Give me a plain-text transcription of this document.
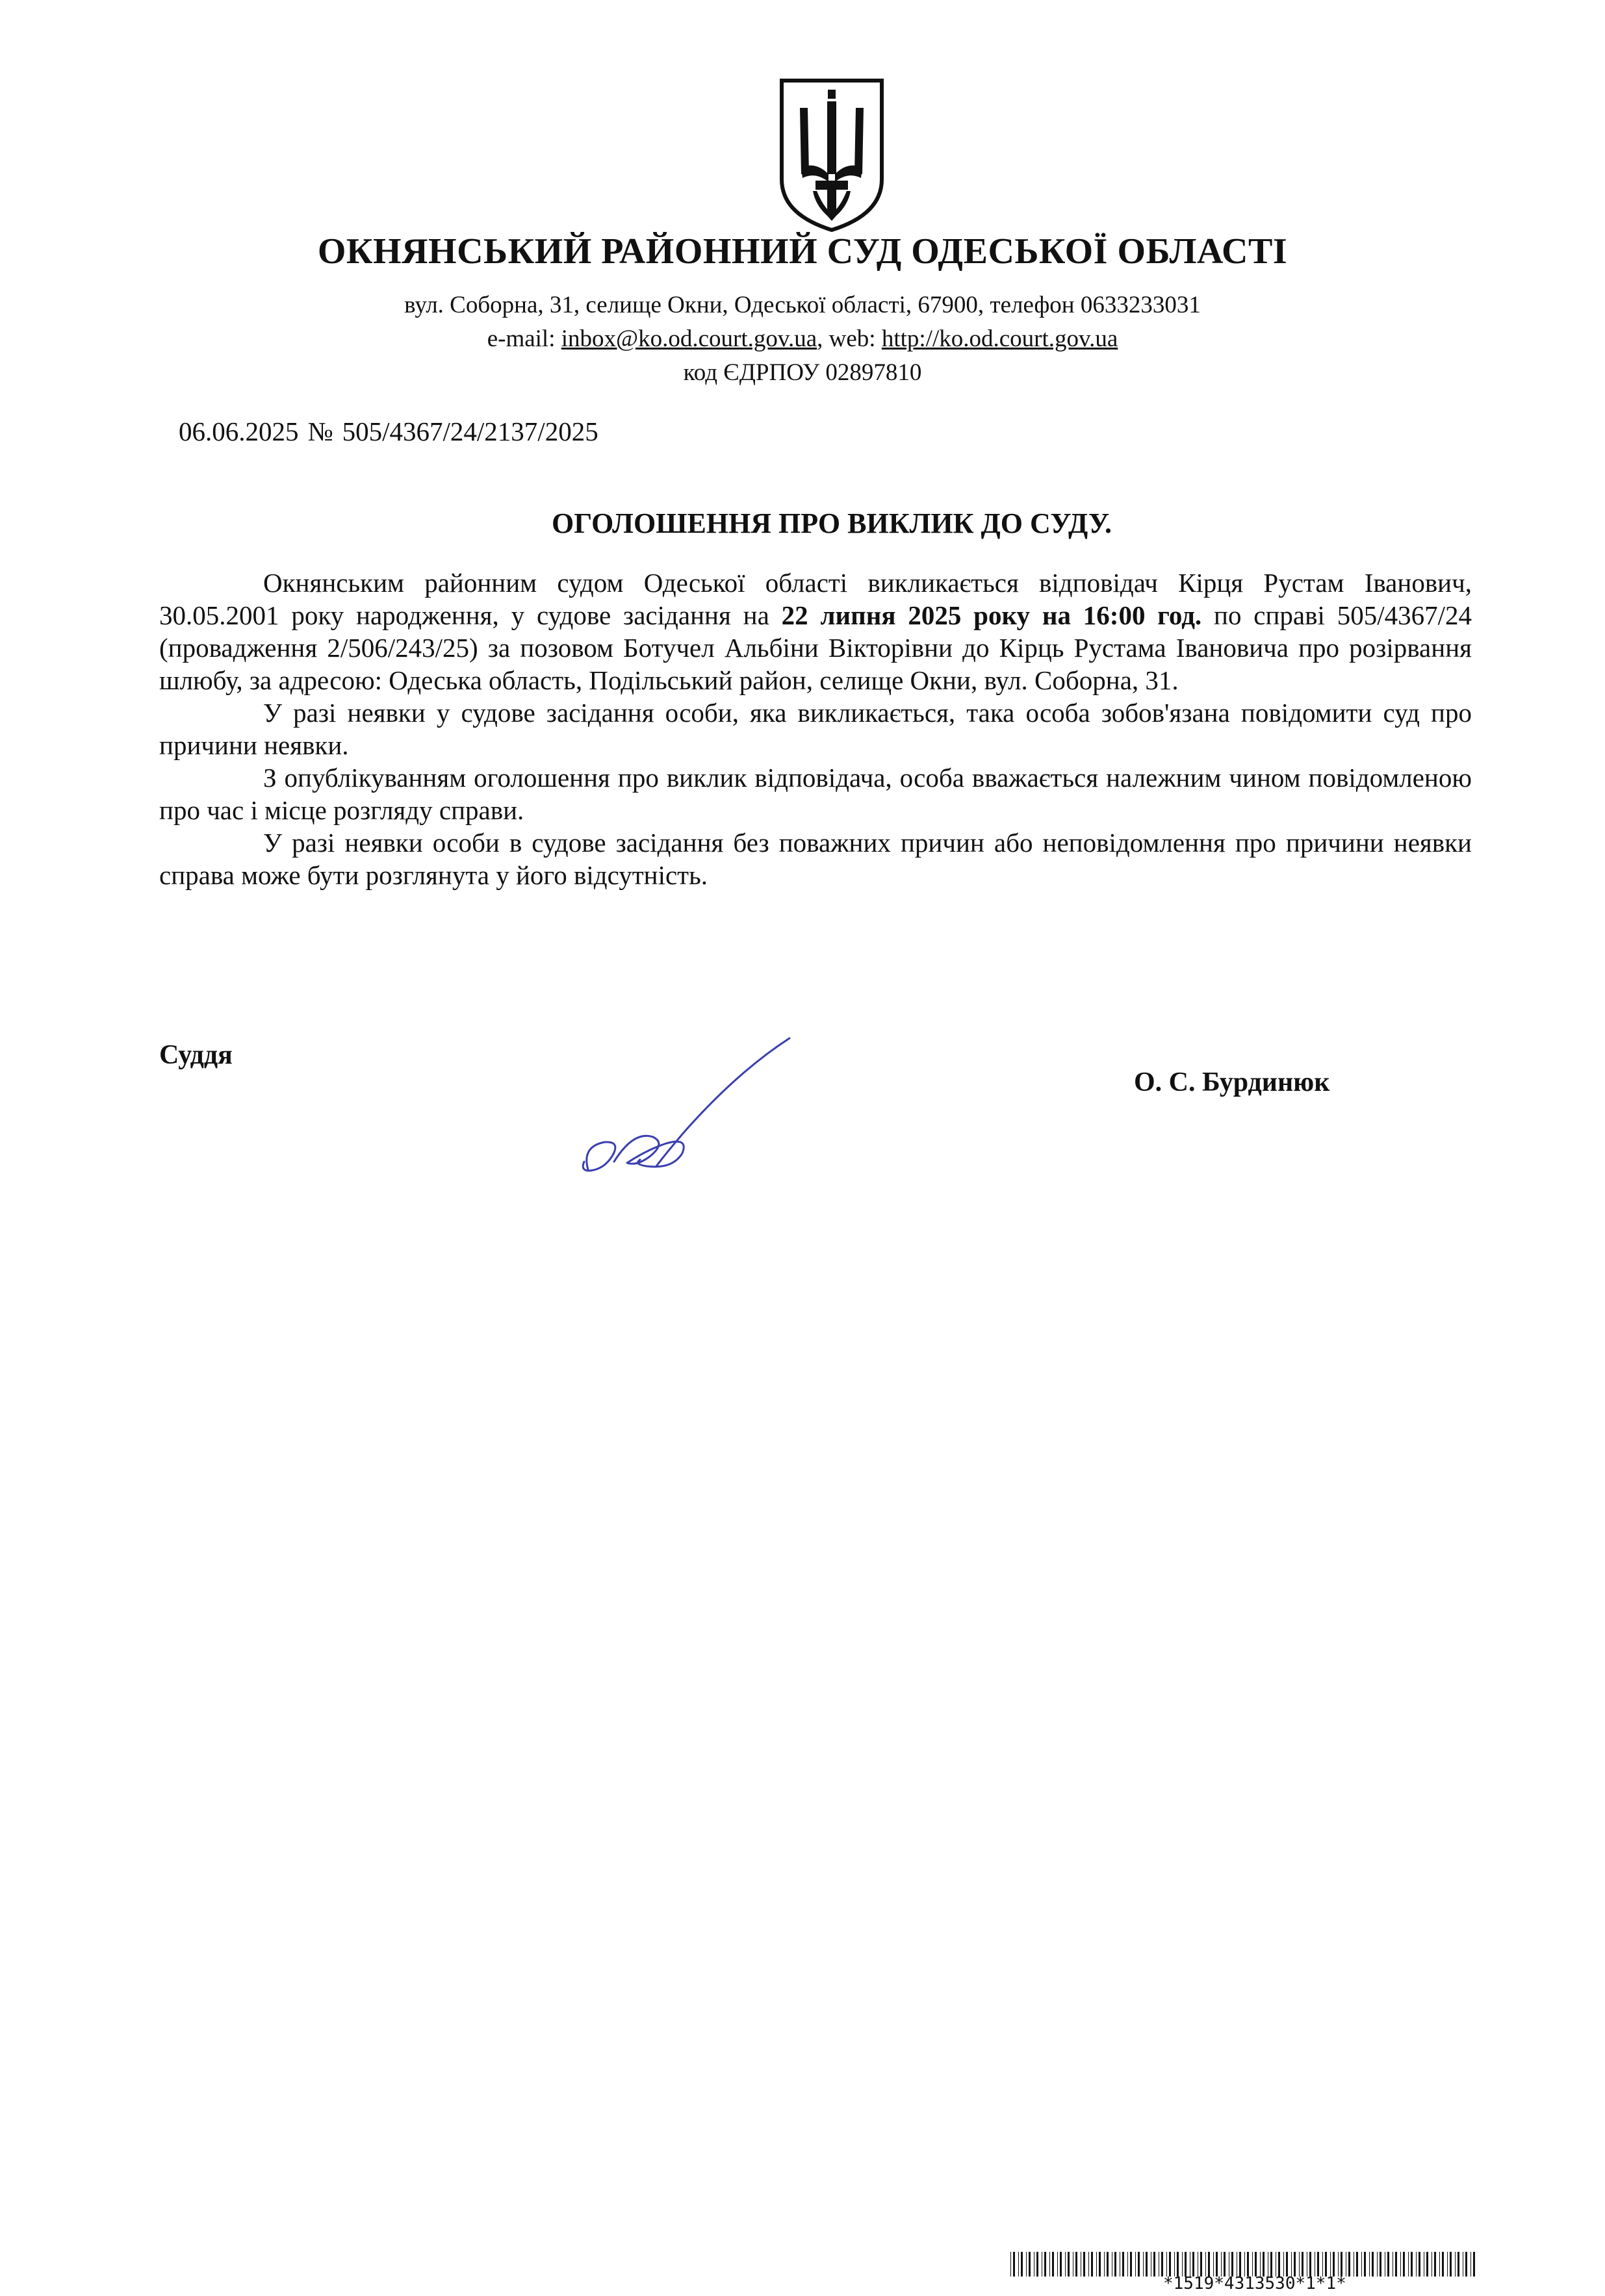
ОКНЯНСЬКИЙ РАЙОННИЙ СУД ОДЕСЬКОЇ ОБЛАСТІ
вул. Соборна, 31, селище Окни, Одеської області, 67900, телефон 0633233031
e-mail: inbox@ko.od.court.gov.ua, web: http://ko.od.court.gov.ua
код ЄДРПОУ 02897810
06.06.2025 № 505/4367/24/2137/2025
ОГОЛОШЕННЯ ПРО ВИКЛИК ДО СУДУ.

Окнянським районним судом Одеської області викликається відповідач Кірця Рустам Іванович, 30.05.2001 року народження, у судове засідання на 22 липня 2025 року на 16:00 год. по справі 505/4367/24 (провадження 2/506/243/25) за позовом Ботучел Альбіни Вікторівни до Кірць Рустама Івановича про розірвання шлюбу, за адресою: Одеська область, Подільський район, селище Окни, вул. Соборна, 31.

У разі неявки у судове засідання особи, яка викликається, така особа зобов'язана повідомити суд про причини неявки.

З опублікуванням оголошення про виклик відповідача, особа вважається належним чином повідомленою про час і місце розгляду справи.

У разі неявки особи в судове засідання без поважних причин або неповідомлення про причини неявки справа може бути розглянута у його відсутність.

Суддя
О. С. Бурдинюк
*1519*4313530*1*1*
